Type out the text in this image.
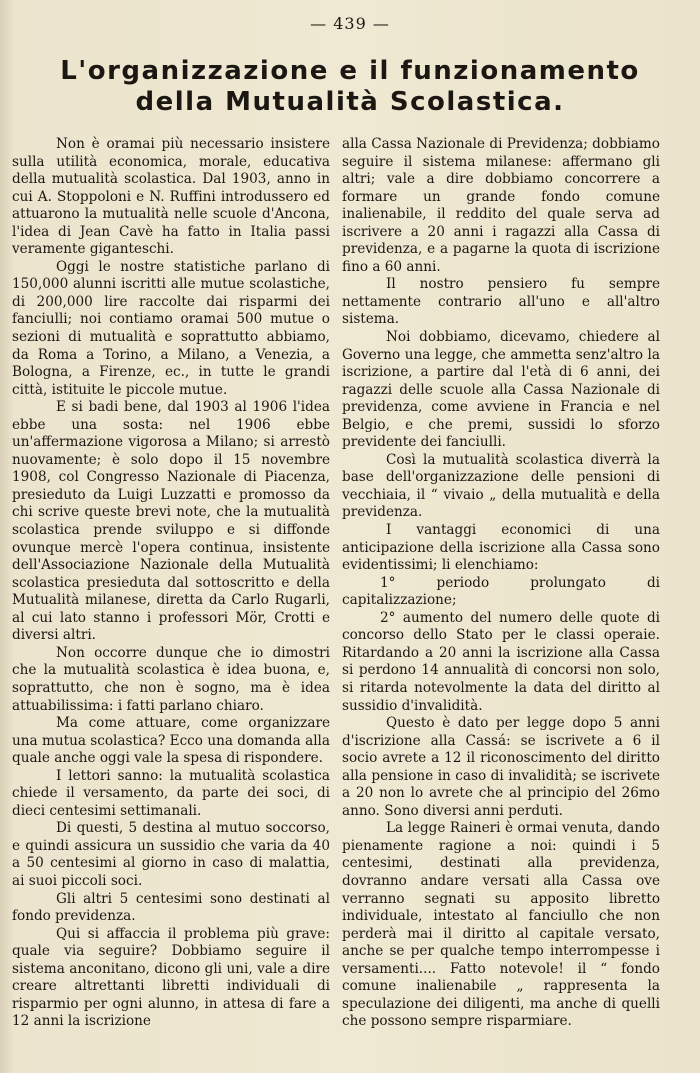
— 439 —
L'organizzazione e il funzionamento della Mutualità Scolastica.

Non è oramai più necessario insistere sulla utilità economica, morale, educativa della mutualità scolastica. Dal 1903, anno in cui A. Stoppoloni e N. Ruffini introdussero ed attuarono la mutualità nelle scuole d'Ancona, l'idea di Jean Cavè ha fatto in Italia passi veramente giganteschi.

Oggi le nostre statistiche parlano di 150,000 alunni iscritti alle mutue scolastiche, di 200,000 lire raccolte dai risparmi dei fanciulli; noi contiamo oramai 500 mutue o sezioni di mutualità e soprattutto abbiamo, da Roma a Torino, a Milano, a Venezia, a Bologna, a Firenze, ec., in tutte le grandi città, istituite le piccole mutue.

E si badi bene, dal 1903 al 1906 l'idea ebbe una sosta: nel 1906 ebbe un'affermazione vigorosa a Milano; si arrestò nuovamente; è solo dopo il 15 novembre 1908, col Congresso Nazionale di Piacenza, presieduto da Luigi Luzzatti e promosso da chi scrive queste brevi note, che la mutualità scolastica prende sviluppo e si diffonde ovunque mercè l'opera continua, insistente dell'Associazione Nazionale della Mutualità scolastica presieduta dal sottoscritto e della Mutualità milanese, diretta da Carlo Rugarli, al cui lato stanno i professori Mör, Crotti e diversi altri.

Non occorre dunque che io dimostri che la mutualità scolastica è idea buona, e, soprattutto, che non è sogno, ma è idea attuabilissima: i fatti parlano chiaro.

Ma come attuare, come organizzare una mutua scolastica? Ecco una domanda alla quale anche oggi vale la spesa di rispondere.

I lettori sanno: la mutualità scolastica chiede il versamento, da parte dei soci, di dieci centesimi settimanali.

Di questi, 5 destina al mutuo soccorso, e quindi assicura un sussidio che varia da 40 a 50 centesimi al giorno in caso di malattia, ai suoi piccoli soci.

Gli altri 5 centesimi sono destinati al fondo previdenza.

Qui si affaccia il problema più grave: quale via seguire? Dobbiamo seguire il sistema anconitano, dicono gli uni, vale a dire creare altrettanti libretti individuali di risparmio per ogni alunno, in attesa di fare a 12 anni la iscrizione

alla Cassa Nazionale di Previdenza; dobbiamo seguire il sistema milanese: affermano gli altri; vale a dire dobbiamo concorrere a formare un grande fondo comune inalienabile, il reddito del quale serva ad iscrivere a 20 anni i ragazzi alla Cassa di previdenza, e a pagarne la quota di iscrizione fino a 60 anni.

Il nostro pensiero fu sempre nettamente contrario all'uno e all'altro sistema.

Noi dobbiamo, dicevamo, chiedere al Governo una legge, che ammetta senz'altro la iscrizione, a partire dal l'età di 6 anni, dei ragazzi delle scuole alla Cassa Nazionale di previdenza, come avviene in Francia e nel Belgio, e che premi, sussidi lo sforzo previdente dei fanciulli.

Così la mutualità scolastica diverrà la base dell'organizzazione delle pensioni di vecchiaia, il “ vivaio „ della mutualità e della previdenza.

I vantaggi economici di una anticipazione della iscrizione alla Cassa sono evidentissimi; li elenchiamo:

1° periodo prolungato di capitalizzazione;

2° aumento del numero delle quote di concorso dello Stato per le classi operaie. Ritardando a 20 anni la iscrizione alla Cassa si perdono 14 annualità di concorsi non solo, si ritarda notevolmente la data del diritto al sussidio d'invalidità.

Questo è dato per legge dopo 5 anni d'iscrizione alla Cassá: se iscrivete a 6 il socio avrete a 12 il riconoscimento del diritto alla pensione in caso di invalidità; se iscrivete a 20 non lo avrete che al principio del 26mo anno. Sono diversi anni perduti.

La legge Raineri è ormai venuta, dando pienamente ragione a noi: quindi i 5 centesimi, destinati alla previdenza, dovranno andare versati alla Cassa ove verranno segnati su apposito libretto individuale, intestato al fanciullo che non perderà mai il diritto al capitale versato, anche se per qualche tempo interrompesse i versamenti.... Fatto notevole! il “ fondo comune inalienabile „ rappresenta la speculazione dei diligenti, ma anche di quelli che possono sempre risparmiare.
